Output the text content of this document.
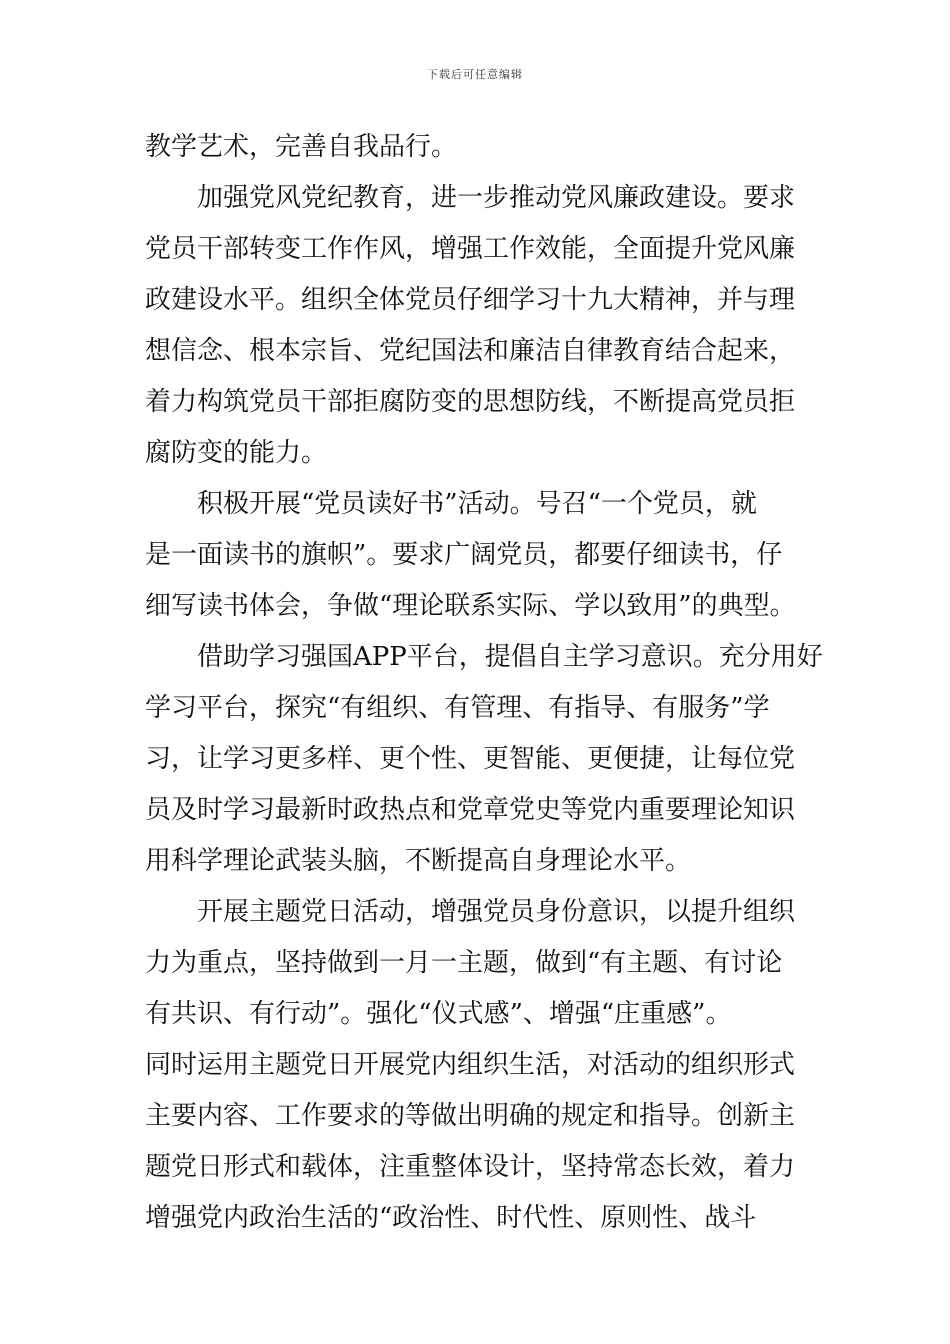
下载后可任意编辑
教学艺术，完善自我品行。
加强党风党纪教育，进一步推动党风廉政建设。要求
党员干部转变工作作风，增强工作效能，全面提升党风廉
政建设水平。组织全体党员仔细学习十九大精神，并与理
想信念、根本宗旨、党纪国法和廉洁自律教育结合起来，
着力构筑党员干部拒腐防变的思想防线，不断提高党员拒
腐防变的能力。
积极开展“党员读好书”活动。号召“一个党员，就
是一面读书的旗帜”。要求广阔党员，都要仔细读书，仔
细写读书体会，争做“理论联系实际、学以致用”的典型。
借助学习强国APP平台，提倡自主学习意识。充分用好
学习平台，探究“有组织、有管理、有指导、有服务”学
习，让学习更多样、更个性、更智能、更便捷，让每位党
员及时学习最新时政热点和党章党史等党内重要理论知识
用科学理论武装头脑，不断提高自身理论水平。
开展主题党日活动，增强党员身份意识，以提升组织
力为重点，坚持做到一月一主题，做到“有主题、有讨论
有共识、有行动”。强化“仪式感”、增强“庄重感”。
同时运用主题党日开展党内组织生活，对活动的组织形式
主要内容、工作要求的等做出明确的规定和指导。创新主
题党日形式和载体，注重整体设计，坚持常态长效，着力
增强党内政治生活的“政治性、时代性、原则性、战斗
